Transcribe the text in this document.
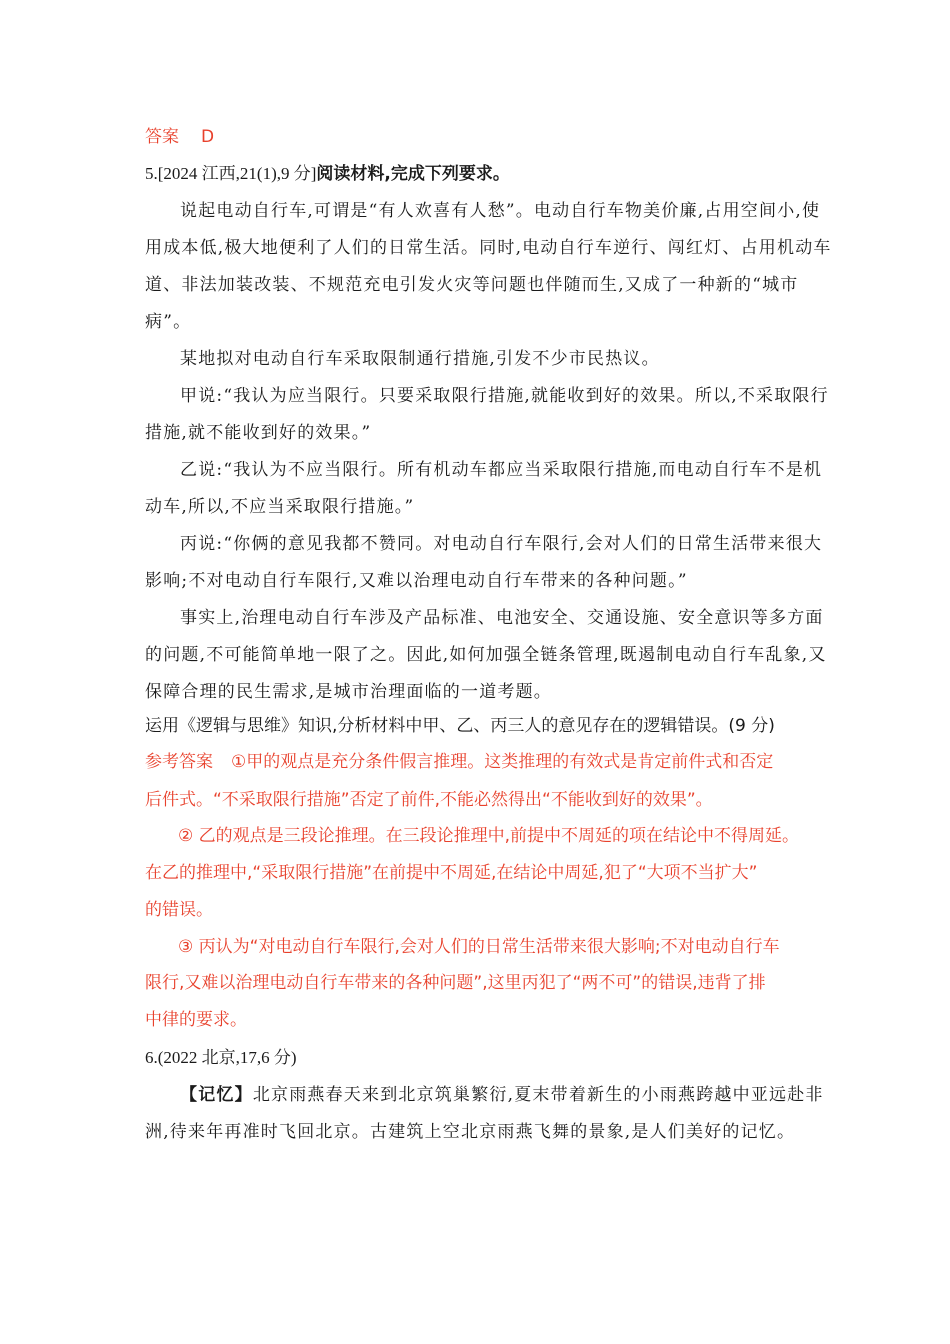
答案 D
5.[2024 江西,21(1),9 分]阅读材料,完成下列要求。
说起电动自行车,可谓是“有人欢喜有人愁”。电动自行车物美价廉,占用空间小,使
用成本低,极大地便利了人们的日常生活。同时,电动自行车逆行、闯红灯、占用机动车
道、非法加装改装、不规范充电引发火灾等问题也伴随而生,又成了一种新的“城市
病”。
某地拟对电动自行车采取限制通行措施,引发不少市民热议。
甲说:“我认为应当限行。只要采取限行措施,就能收到好的效果。所以,不采取限行
措施,就不能收到好的效果。”
乙说:“我认为不应当限行。所有机动车都应当采取限行措施,而电动自行车不是机
动车,所以,不应当采取限行措施。”
丙说:“你俩的意见我都不赞同。对电动自行车限行,会对人们的日常生活带来很大
影响;不对电动自行车限行,又难以治理电动自行车带来的各种问题。”
事实上,治理电动自行车涉及产品标准、电池安全、交通设施、安全意识等多方面
的问题,不可能简单地一限了之。因此,如何加强全链条管理,既遏制电动自行车乱象,又
保障合理的民生需求,是城市治理面临的一道考题。
运用《逻辑与思维》知识,分析材料中甲、乙、丙三人的意见存在的逻辑错误。(9 分)
参考答案 ①甲的观点是充分条件假言推理。这类推理的有效式是肯定前件式和否定
后件式。“不采取限行措施”否定了前件,不能必然得出“不能收到好的效果”。
② 乙的观点是三段论推理。在三段论推理中,前提中不周延的项在结论中不得周延。
在乙的推理中,“采取限行措施”在前提中不周延,在结论中周延,犯了“大项不当扩大”
的错误。
③ 丙认为“对电动自行车限行,会对人们的日常生活带来很大影响;不对电动自行车
限行,又难以治理电动自行车带来的各种问题”,这里丙犯了“两不可”的错误,违背了排
中律的要求。
6.(2022 北京,17,6 分)
【记忆】北京雨燕春天来到北京筑巢繁衍,夏末带着新生的小雨燕跨越中亚远赴非
洲,待来年再准时飞回北京。古建筑上空北京雨燕飞舞的景象,是人们美好的记忆。
